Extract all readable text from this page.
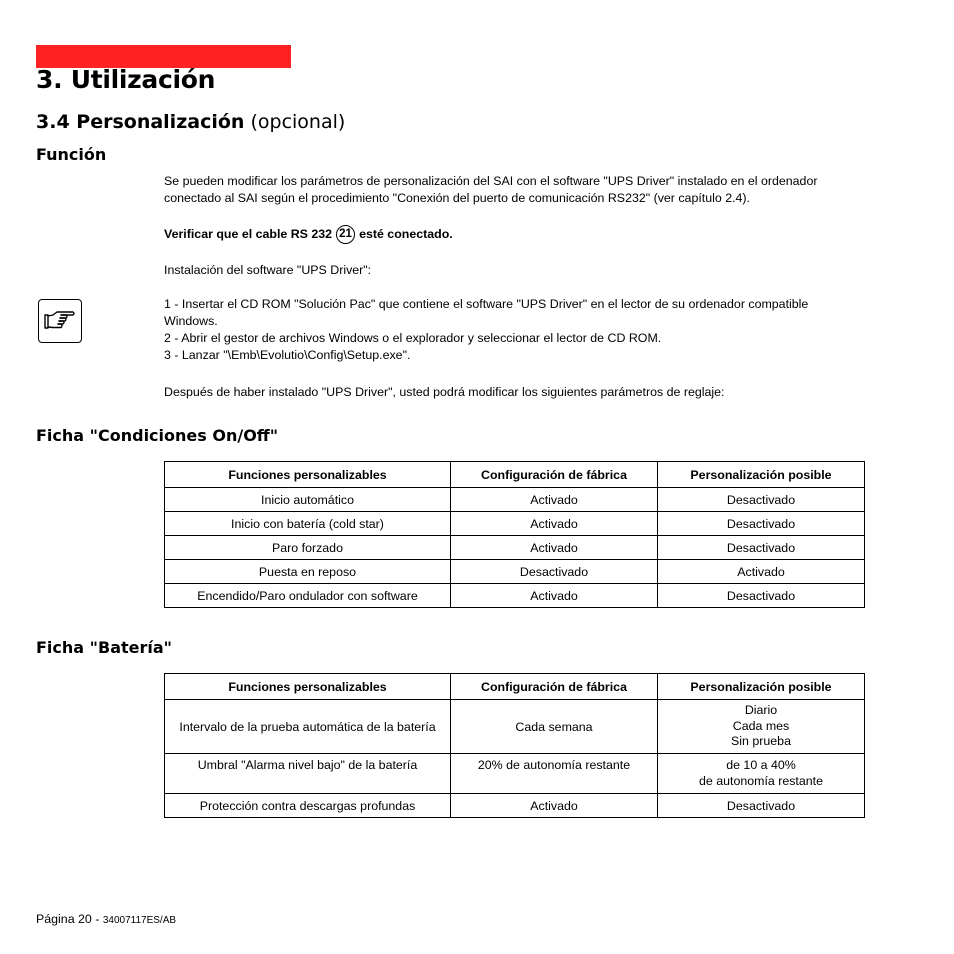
3. Utilización
3.4 Personalización (opcional)
Función
Se pueden modificar los parámetros de personalización del SAI con el software "UPS Driver" instalado en el ordenador
conectado al SAI según el procedimiento "Conexión del puerto de comunicación RS232" (ver capítulo 2.4).
Verificar que el cable RS 232 21 esté conectado.
Instalación del software "UPS Driver":
1 - Insertar el CD ROM "Solución Pac" que contiene el software "UPS Driver" en el lector de su ordenador compatible
Windows.
2 - Abrir el gestor de archivos Windows o el explorador y seleccionar el lector de CD ROM.
3 - Lanzar "\Emb\Evolutio\Config\Setup.exe".
Después de haber instalado "UPS Driver", usted podrá modificar los siguientes parámetros de reglaje:
Ficha "Condiciones On/Off"
Funciones personalizables	Configuración de fábrica	Personalización posible
Inicio automático	Activado	Desactivado
Inicio con batería (cold star)	Activado	Desactivado
Paro forzado	Activado	Desactivado
Puesta en reposo	Desactivado	Activado
Encendido/Paro ondulador con software	Activado	Desactivado
Ficha "Batería"
Funciones personalizables	Configuración de fábrica	Personalización posible
Intervalo de la prueba automática de la batería	Cada semana	Diario
Cada mes
Sin prueba

Umbral "Alarma nivel bajo" de la batería	20% de autonomía restante	de 10 a 40%
de autonomía restante

Protección contra descargas profundas	Activado	Desactivado
Página 20 - 34007117ES/AB
